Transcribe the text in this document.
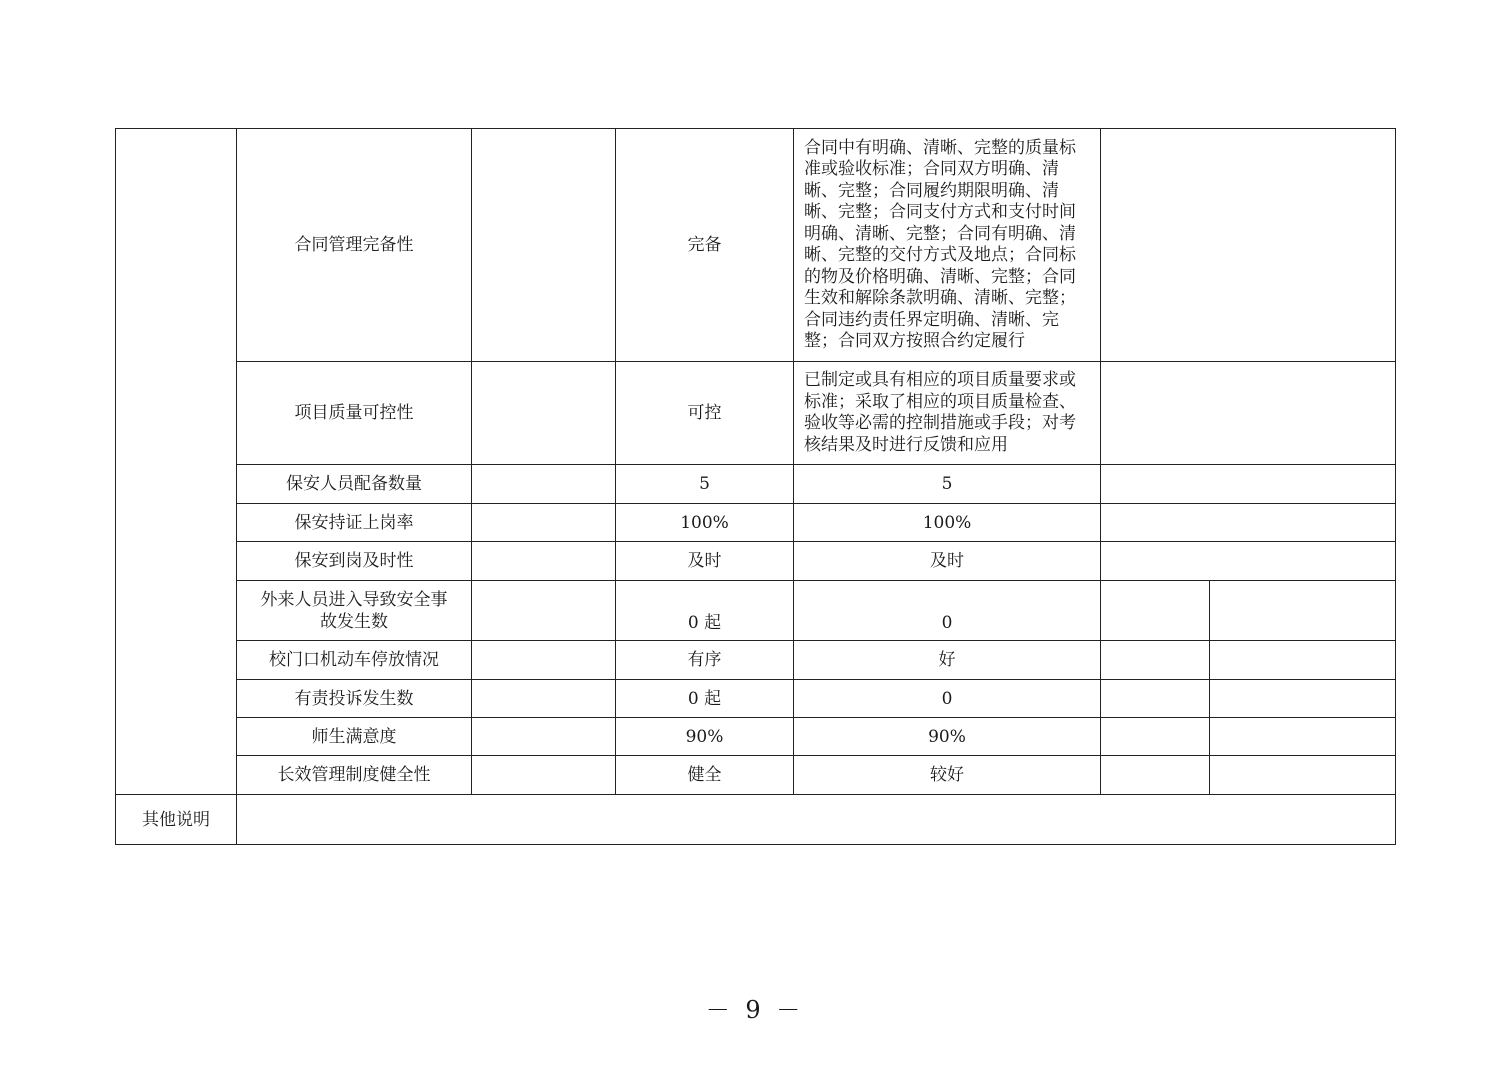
	合同管理完备性		完备	合同中有明确、清晰、完整的质量标准或验收标准；合同双方明确、清晰、完整；合同履约期限明确、清晰、完整；合同支付方式和支付时间明确、清晰、完整；合同有明确、清晰、完整的交付方式及地点；合同标的物及价格明确、清晰、完整；合同生效和解除条款明确、清晰、完整；合同违约责任界定明确、清晰、完整；合同双方按照合约定履行		
	项目质量可控性		可控	已制定或具有相应的项目质量要求或标准；采取了相应的项目质量检查、验收等必需的控制措施或手段；对考核结果及时进行反馈和应用		
	保安人员配备数量		5	5		
	保安持证上岗率		100%	100%		
	保安到岗及时性		及时	及时		
	外来人员进入导致安全事故发生数		0 起	0		
	校门口机动车停放情况		有序	好		
	有责投诉发生数		0 起	0		
	师生满意度		90%	90%		
	长效管理制度健全性		健全	较好		
其他说明						
－ 9 －
